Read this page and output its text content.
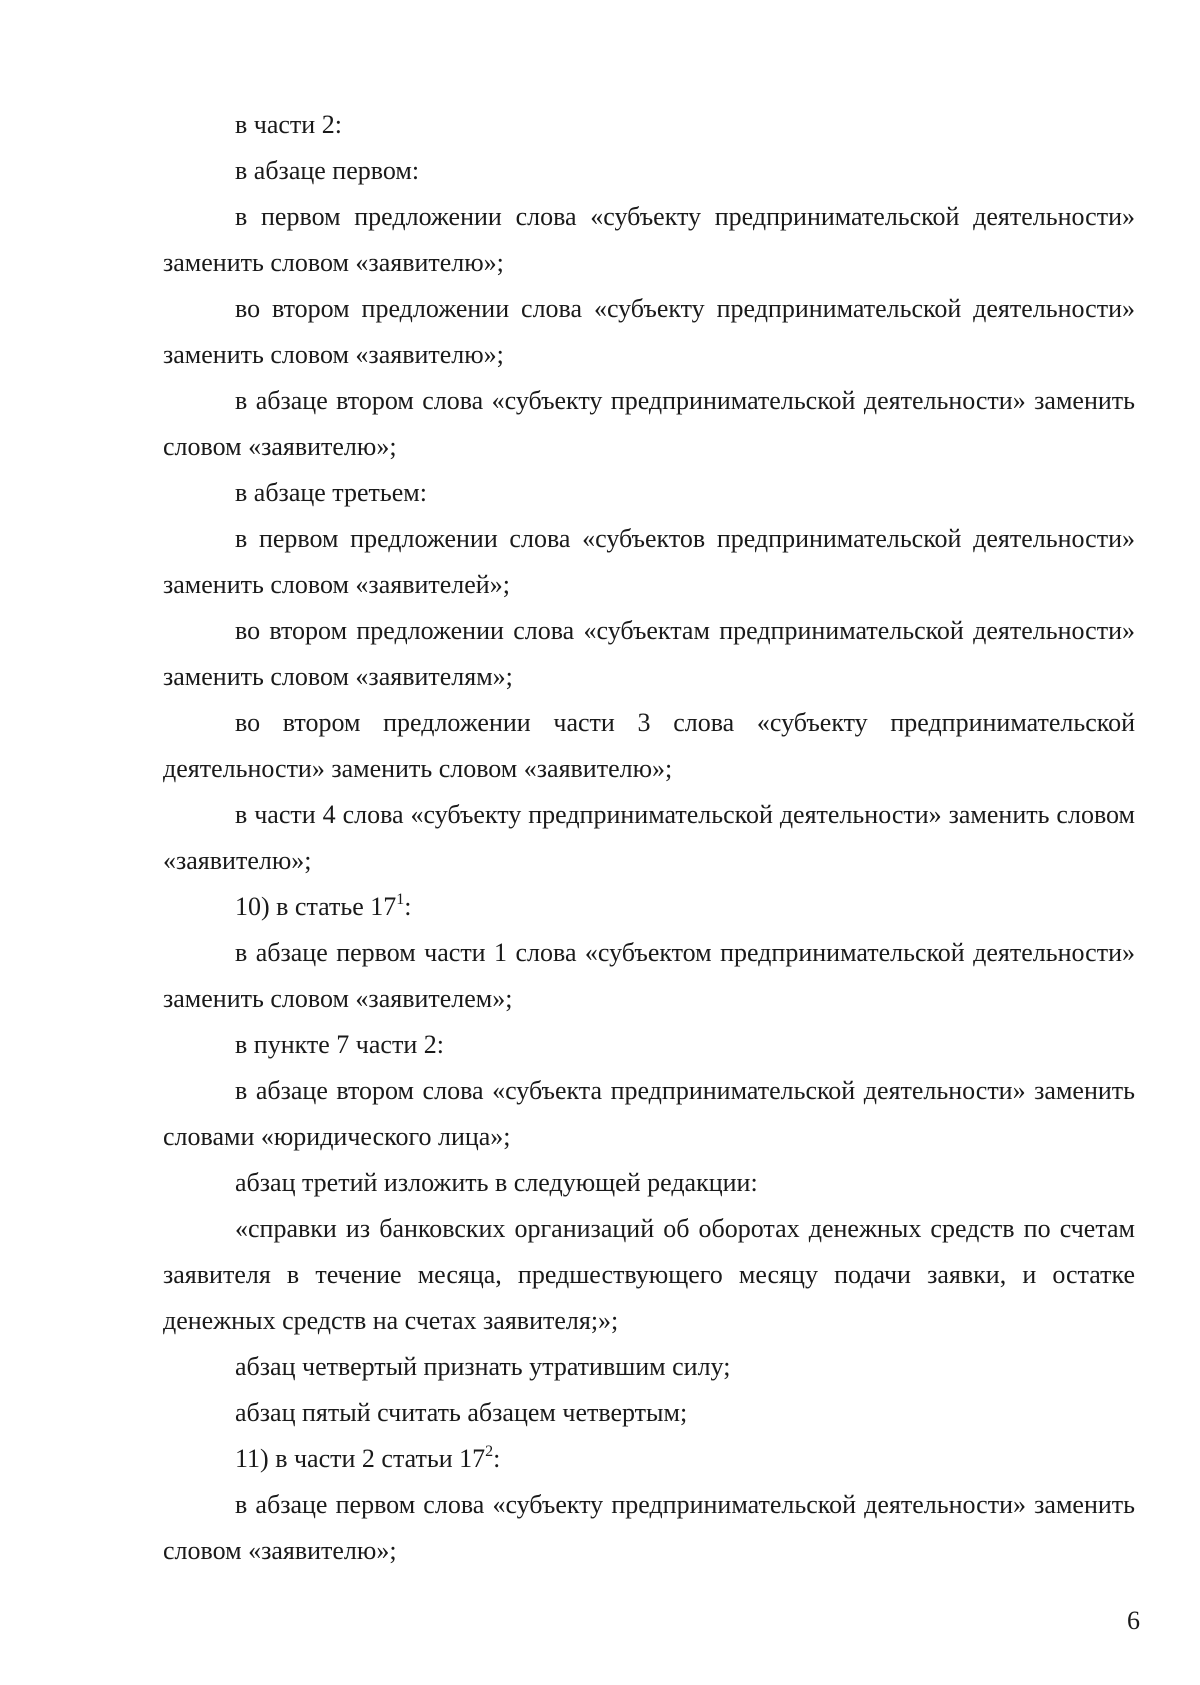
в части 2:

в абзаце первом:

в первом предложении слова «субъекту предпринимательской деятельности» заменить словом «заявителю»;

во втором предложении слова «субъекту предпринимательской деятельности» заменить словом «заявителю»;

в абзаце втором слова «субъекту предпринимательской деятельности» заменить словом «заявителю»;

в абзаце третьем:

в первом предложении слова «субъектов предпринимательской деятельности» заменить словом «заявителей»;

во втором предложении слова «субъектам предпринимательской деятельности» заменить словом «заявителям»;

во втором предложении части 3 слова «субъекту предпринимательской деятельности» заменить словом «заявителю»;

в части 4 слова «субъекту предпринимательской деятельности» заменить словом «заявителю»;

10) в статье $17^1$:

в абзаце первом части 1 слова «субъектом предпринимательской деятельности» заменить словом «заявителем»;

в пункте 7 части 2:

в абзаце втором слова «субъекта предпринимательской деятельности» заменить словами «юридического лица»;

абзац третий изложить в следующей редакции:

«справки из банковских организаций об оборотах денежных средств по счетам заявителя в течение месяца, предшествующего месяцу подачи заявки, и остатке денежных средств на счетах заявителя;»;

абзац четвертый признать утратившим силу;

абзац пятый считать абзацем четвертым;

11) в части 2 статьи $17^2$:

в абзаце первом слова «субъекту предпринимательской деятельности» заменить словом «заявителю»;

6
